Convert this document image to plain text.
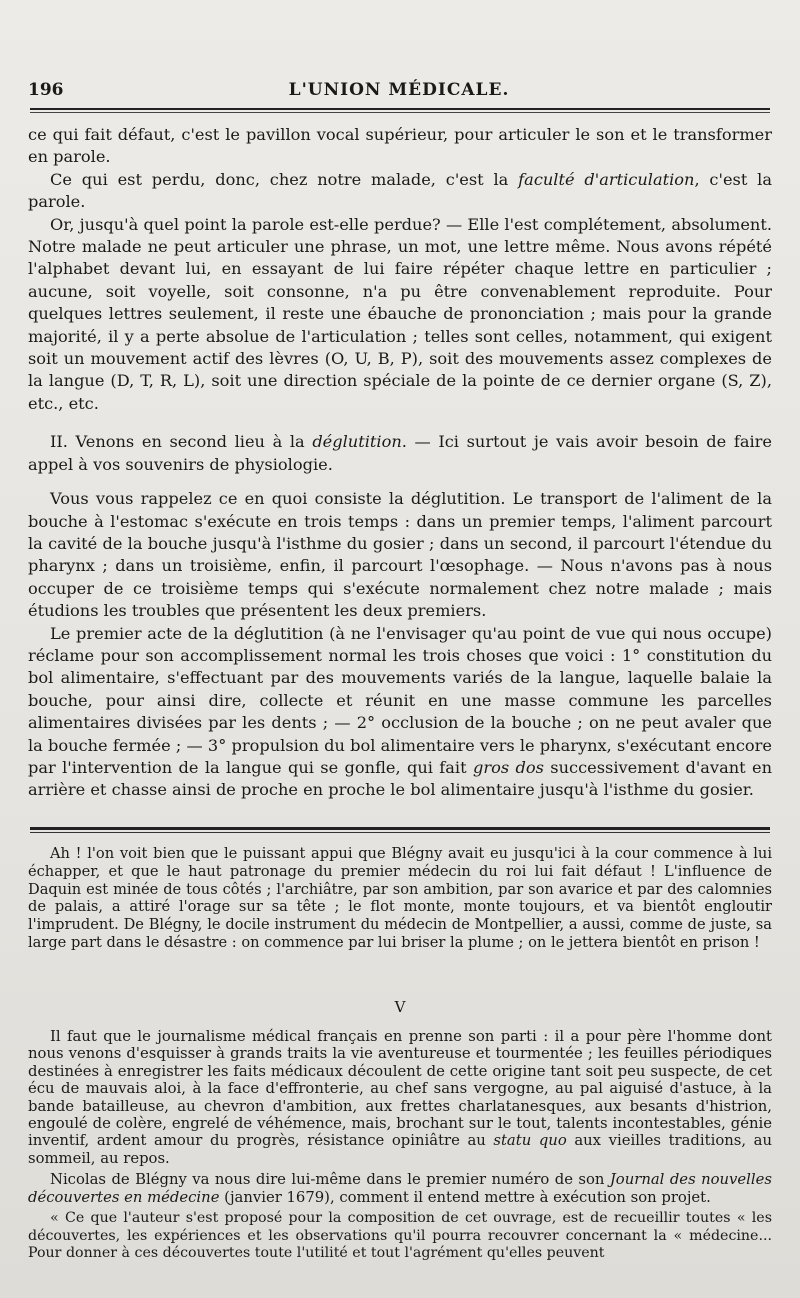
196	L'UNION MÉDICALE.

ce qui fait défaut, c'est le pavillon vocal supérieur, pour articuler le son et le transformer en parole.

Ce qui est perdu, donc, chez notre malade, c'est la faculté d'articulation, c'est la parole.

Or, jusqu'à quel point la parole est-elle perdue? — Elle l'est complétement, absolument. Notre malade ne peut articuler une phrase, un mot, une lettre même. Nous avons répété l'alphabet devant lui, en essayant de lui faire répéter chaque lettre en particulier ; aucune, soit voyelle, soit consonne, n'a pu être convenablement reproduite. Pour quelques lettres seulement, il reste une ébauche de prononciation ; mais pour la grande majorité, il y a perte absolue de l'articulation ; telles sont celles, notamment, qui exigent soit un mouvement actif des lèvres (O, U, B, P), soit des mouvements assez complexes de la langue (D, T, R, L), soit une direction spéciale de la pointe de ce dernier organe (S, Z), etc., etc.

II. Venons en second lieu à la déglutition. — Ici surtout je vais avoir besoin de faire appel à vos souvenirs de physiologie.

Vous vous rappelez ce en quoi consiste la déglutition. Le transport de l'aliment de la bouche à l'estomac s'exécute en trois temps : dans un premier temps, l'aliment parcourt la cavité de la bouche jusqu'à l'isthme du gosier ; dans un second, il parcourt l'étendue du pharynx ; dans un troisième, enfin, il parcourt l'œsophage. — Nous n'avons pas à nous occuper de ce troisième temps qui s'exécute normalement chez notre malade ; mais étudions les troubles que présentent les deux premiers.

Le premier acte de la déglutition (à ne l'envisager qu'au point de vue qui nous occupe) réclame pour son accomplissement normal les trois choses que voici : 1° constitution du bol alimentaire, s'effectuant par des mouvements variés de la langue, laquelle balaie la bouche, pour ainsi dire, collecte et réunit en une masse commune les parcelles alimentaires divisées par les dents ; — 2° occlusion de la bouche ; on ne peut avaler que la bouche fermée ; — 3° propulsion du bol alimentaire vers le pharynx, s'exécutant encore par l'intervention de la langue qui se gonfle, qui fait gros dos successivement d'avant en arrière et chasse ainsi de proche en proche le bol alimentaire jusqu'à l'isthme du gosier.

Ah ! l'on voit bien que le puissant appui que Blégny avait eu jusqu'ici à la cour commence à lui échapper, et que le haut patronage du premier médecin du roi lui fait défaut ! L'influence de Daquin est minée de tous côtés ; l'archiâtre, par son ambition, par son avarice et par des calomnies de palais, a attiré l'orage sur sa tête ; le flot monte, monte toujours, et va bientôt engloutir l'imprudent. De Blégny, le docile instrument du médecin de Montpellier, a aussi, comme de juste, sa large part dans le désastre : on commence par lui briser la plume ; on le jettera bientôt en prison !

V

Il faut que le journalisme médical français en prenne son parti : il a pour père l'homme dont nous venons d'esquisser à grands traits la vie aventureuse et tourmentée ; les feuilles périodiques destinées à enregistrer les faits médicaux découlent de cette origine tant soit peu suspecte, de cet écu de mauvais aloi, à la face d'effronterie, au chef sans vergogne, au pal aiguisé d'astuce, à la bande batailleuse, au chevron d'ambition, aux frettes charlatanesques, aux besants d'histrion, engoulé de colère, engrelé de véhémence, mais, brochant sur le tout, talents incontestables, génie inventif, ardent amour du progrès, résistance opiniâtre au statu quo aux vieilles traditions, au sommeil, au repos.

Nicolas de Blégny va nous dire lui-même dans le premier numéro de son Journal des nouvelles découvertes en médecine (janvier 1679), comment il entend mettre à exécution son projet.

« Ce que l'auteur s'est proposé pour la composition de cet ouvrage, est de recueillir toutes « les découvertes, les expériences et les observations qu'il pourra recouvrer concernant la « médecine... Pour donner à ces découvertes toute l'utilité et tout l'agrément qu'elles peuvent
